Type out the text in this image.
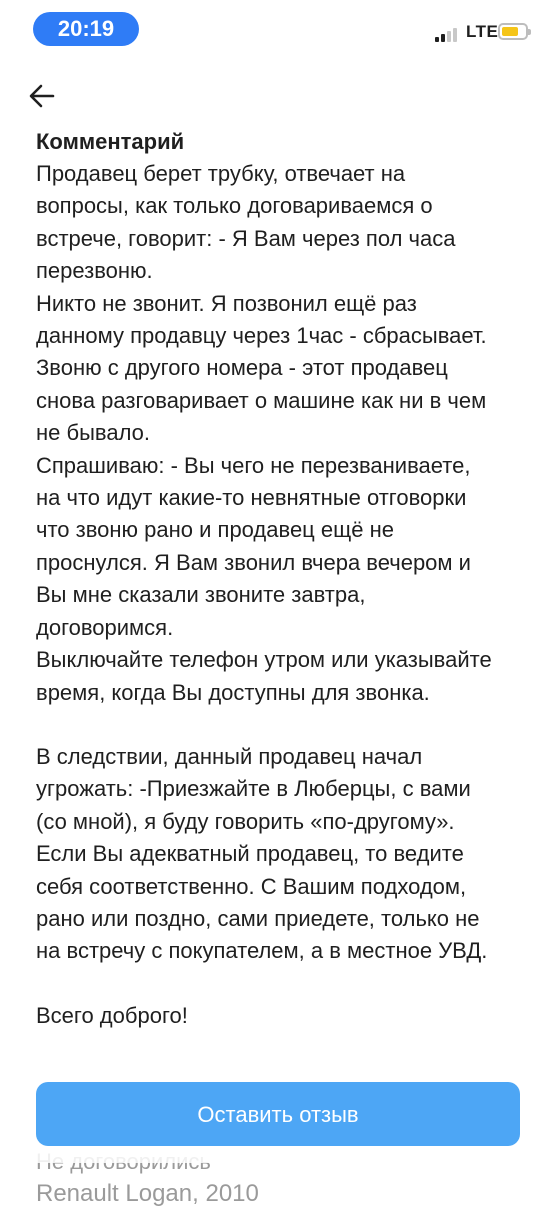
20:19	LTE
Комментарий

Продавец берет трубку, отвечает на
вопросы, как только договариваемся о
встрече, говорит: - Я Вам через пол часа
перезвоню.
Никто не звонит. Я позвонил ещё раз
данному продавцу через 1час - сбрасывает.
Звоню с другого номера - этот продавец
снова разговаривает о машине как ни в чем
не бывало.
Спрашиваю: - Вы чего не перезваниваете,
на что идут какие-то невнятные отговорки
что звоню рано и продавец ещё не
проснулся. Я Вам звонил вчера вечером и
Вы мне сказали звоните завтра,
договоримся.
Выключайте телефон утром или указывайте
время, когда Вы доступны для звонка.

В следствии, данный продавец начал
угрожать: -Приезжайте в Люберцы, с вами
(со мной), я буду говорить «по-другому».
Если Вы адекватный продавец, то ведите
себя соответственно. С Вашим подходом,
рано или поздно, сами приедете, только не
на встречу с покупателем, а в местное УВД.

Всего доброго!

Renault Logan, 2010
Оставить отзыв
